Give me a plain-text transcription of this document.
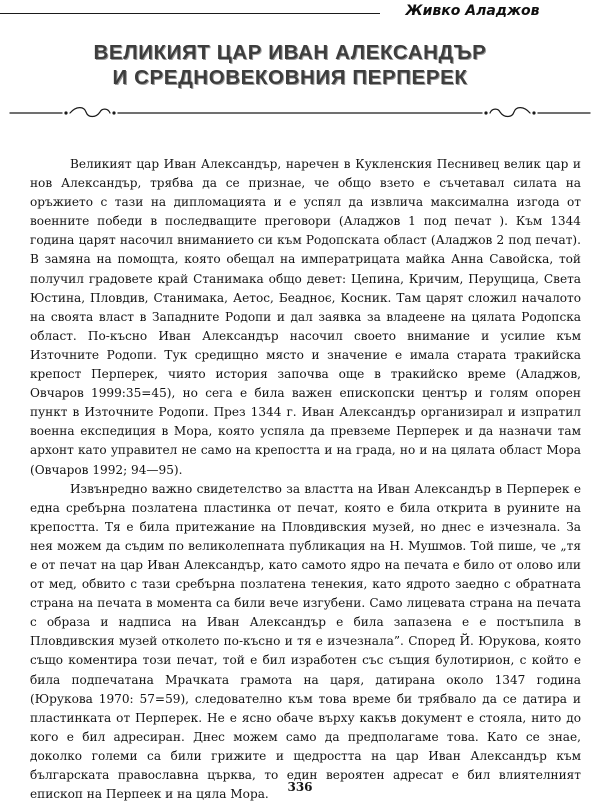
Живко Аладжов
ВЕЛИКИЯТ ЦАР ИВАН АЛЕКСАНДЪР
И СРЕДНОВЕКОВНИЯ ПЕРПЕРЕК

Великият цар Иван Александър, наречен в Кукленския Песнивец велик цар и нов Александър, трябва да се признае, че общо взето е съчетавал силата на оръжието с тази на дипломацията и е успял да извлича максимална изгода от военните победи в последващите преговори (Аладжов 1 под печат ). Към 1344 година царят насочил вниманието си към Родопската област (Аладжов 2 под печат). В замяна на помощта, която обещал на императрицата майка Анна Савойска, той получил градовете край Станимака общо девет: Цепина, Кричим, Перущица, Света Юстина, Пловдив, Станимака, Аетос, Беадноє, Косник. Там царят сложил началото на своята власт в Западните Родопи и дал заявка за владеене на цялата Родопска област. По-късно Иван Александър насочил своето внимание и усилие към Източните Родопи. Тук средищно място и значение е имала старата тракийска крепост Перперек, чиято история започва още в тракийско време (Аладжов, Овчаров 1999:35=45), но сега е била важен епископски център и голям опорен пункт в Източните Родопи. През 1344 г. Иван Александър организирал и изпратил военна експедиция в Мора, която успяла да превземе Перперек и да назначи там архонт като управител не само на крепостта и на града, но и на цялата област Мора (Овчаров 1992; 94—95).

Извънредно важно свидетелство за властта на Иван Александър в Перперек е една сребърна позлатена пластинка от печат, която е била открита в руините на крепостта. Тя е била притежание на Пловдивския музей, но днес е изчезнала. За нея можем да съдим по великолепната публикация на Н. Мушмов. Той пише, че „тя е от печат на цар Иван Александър, като самото ядро на печата е било от олово или от мед, обвито с тази сребърна позлатена тенекия, като ядрото заедно с обратната страна на печата в момента са били вече изгубени. Само лицевата страна на печата с образа и надписа на Иван Александър е била запазена е е постъпила в Пловдивския музей отколето по-късно и тя е изчезнала”. Според Й. Юрукова, която също коментира този печат, той е бил изработен със същия булотирион, с който е била подпечатана Мрачката грамота на царя, датирана около 1347 година (Юрукова 1970: 57=59), следователно към това време би трябвало да се датира и пластинката от Перперек. Не е ясно обаче върху какъв документ е стояла, нито до кого е бил адресиран. Днес можем само да предполагаме това. Като се знае, доколко големи са били грижите и щедростта на цар Иван Александър към българската православна църква, то един вероятен адресат е бил влиятелният епископ на Перпеек и на цяла Мора.

336
